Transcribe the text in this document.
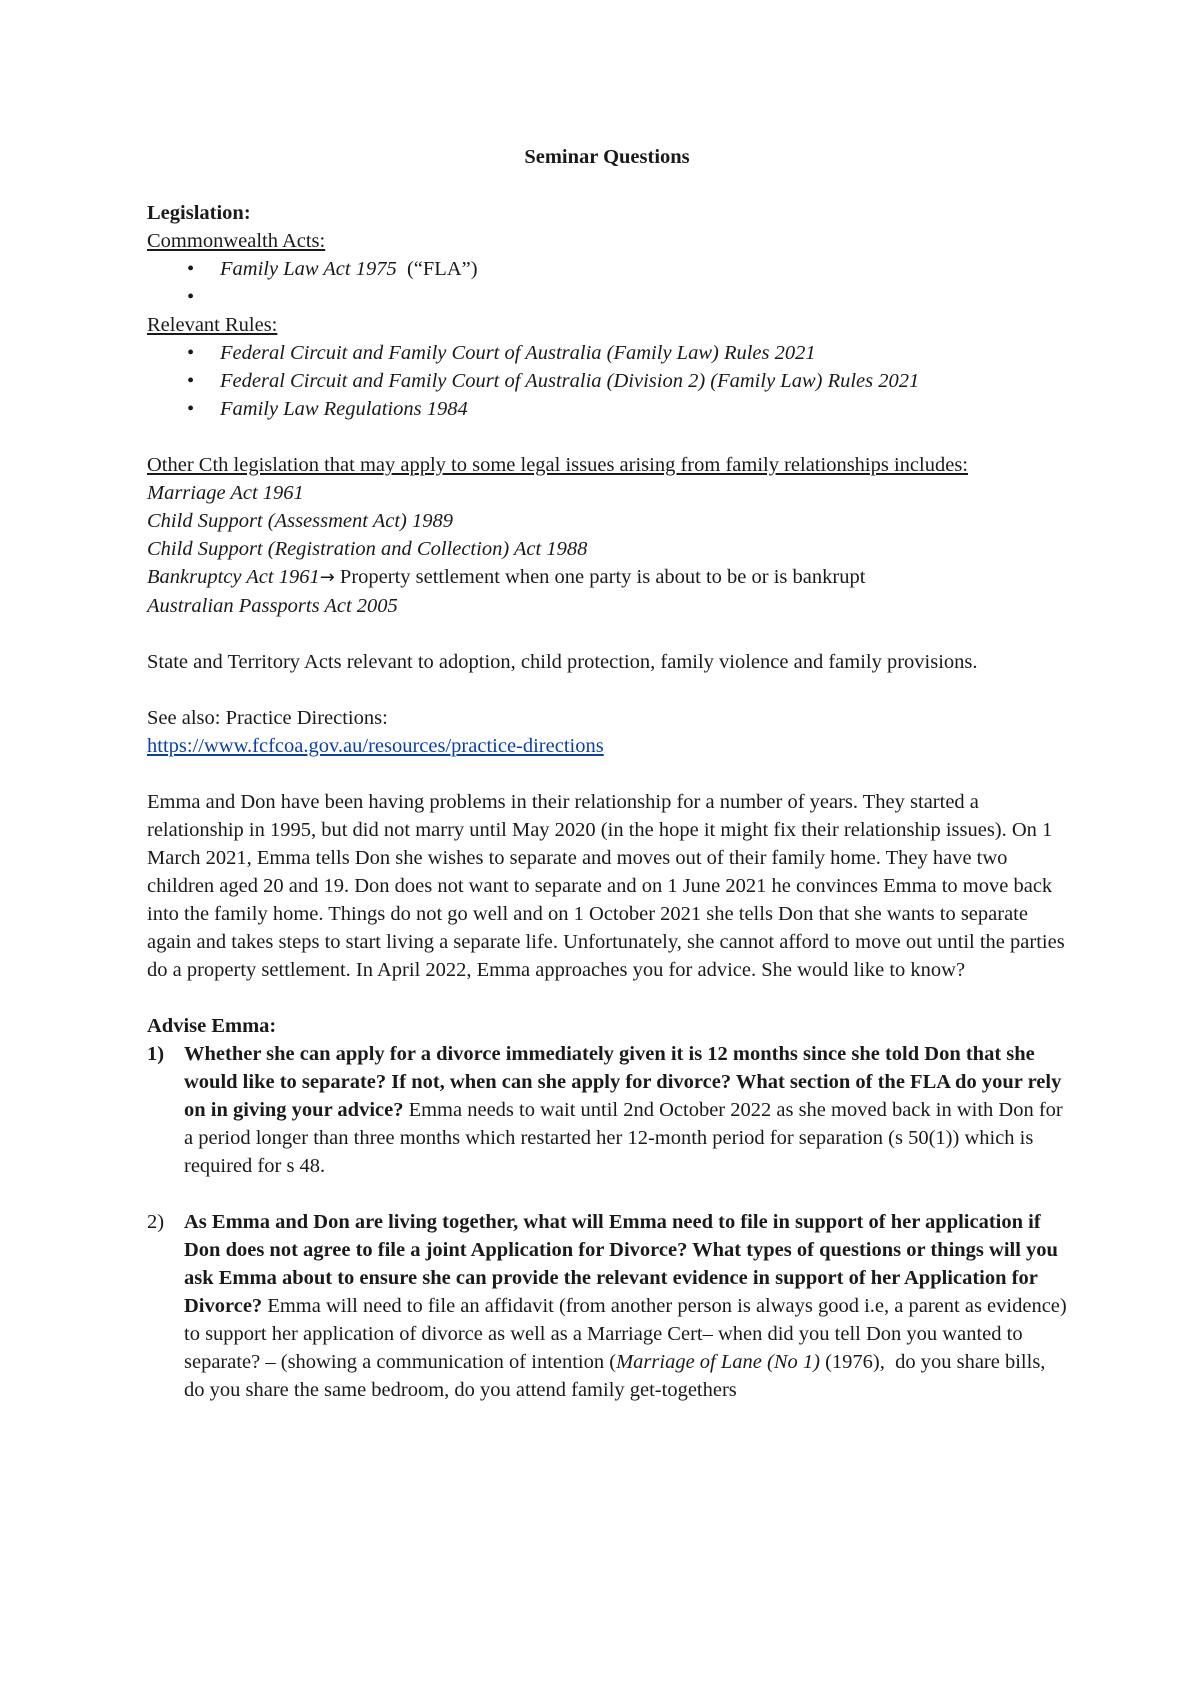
Seminar Questions

Legislation:

Commonwealth Acts:

• Family Law Act 1975  (“FLA”)
•

Relevant Rules:

• Federal Circuit and Family Court of Australia (Family Law) Rules 2021
• Federal Circuit and Family Court of Australia (Division 2) (Family Law) Rules 2021
• Family Law Regulations 1984

Other Cth legislation that may apply to some legal issues arising from family relationships includes:

Marriage Act 1961

Child Support (Assessment Act) 1989

Child Support (Registration and Collection) Act 1988

Bankruptcy Act 1961→ Property settlement when one party is about to be or is bankrupt

Australian Passports Act 2005

State and Territory Acts relevant to adoption, child protection, family violence and family provisions.

See also: Practice Directions:

https://www.fcfcoa.gov.au/resources/practice-directions

Emma and Don have been having problems in their relationship for a number of years. They started a relationship in 1995, but did not marry until May 2020 (in the hope it might fix their relationship issues). On 1 March 2021, Emma tells Don she wishes to separate and moves out of their family home. They have two children aged 20 and 19. Don does not want to separate and on 1 June 2021 he convinces Emma to move back into the family home. Things do not go well and on 1 October 2021 she tells Don that she wants to separate again and takes steps to start living a separate life. Unfortunately, she cannot afford to move out until the parties do a property settlement. In April 2022, Emma approaches you for advice. She would like to know?

Advise Emma:

1) Whether she can apply for a divorce immediately given it is 12 months since she told Don that she would like to separate? If not, when can she apply for divorce? What section of the FLA do your rely on in giving your advice? Emma needs to wait until 2nd October 2022 as she moved back in with Don for a period longer than three months which restarted her 12-month period for separation (s 50(1)) which is required for s 48.
2) As Emma and Don are living together, what will Emma need to file in support of her application if Don does not agree to file a joint Application for Divorce? What types of questions or things will you ask Emma about to ensure she can provide the relevant evidence in support of her Application for Divorce? Emma will need to file an affidavit (from another person is always good i.e, a parent as evidence) to support her application of divorce as well as a Marriage Cert– when did you tell Don you wanted to separate? – (showing a communication of intention (Marriage of Lane (No 1) (1976),  do you share bills, do you share the same bedroom, do you attend family get-togethers
